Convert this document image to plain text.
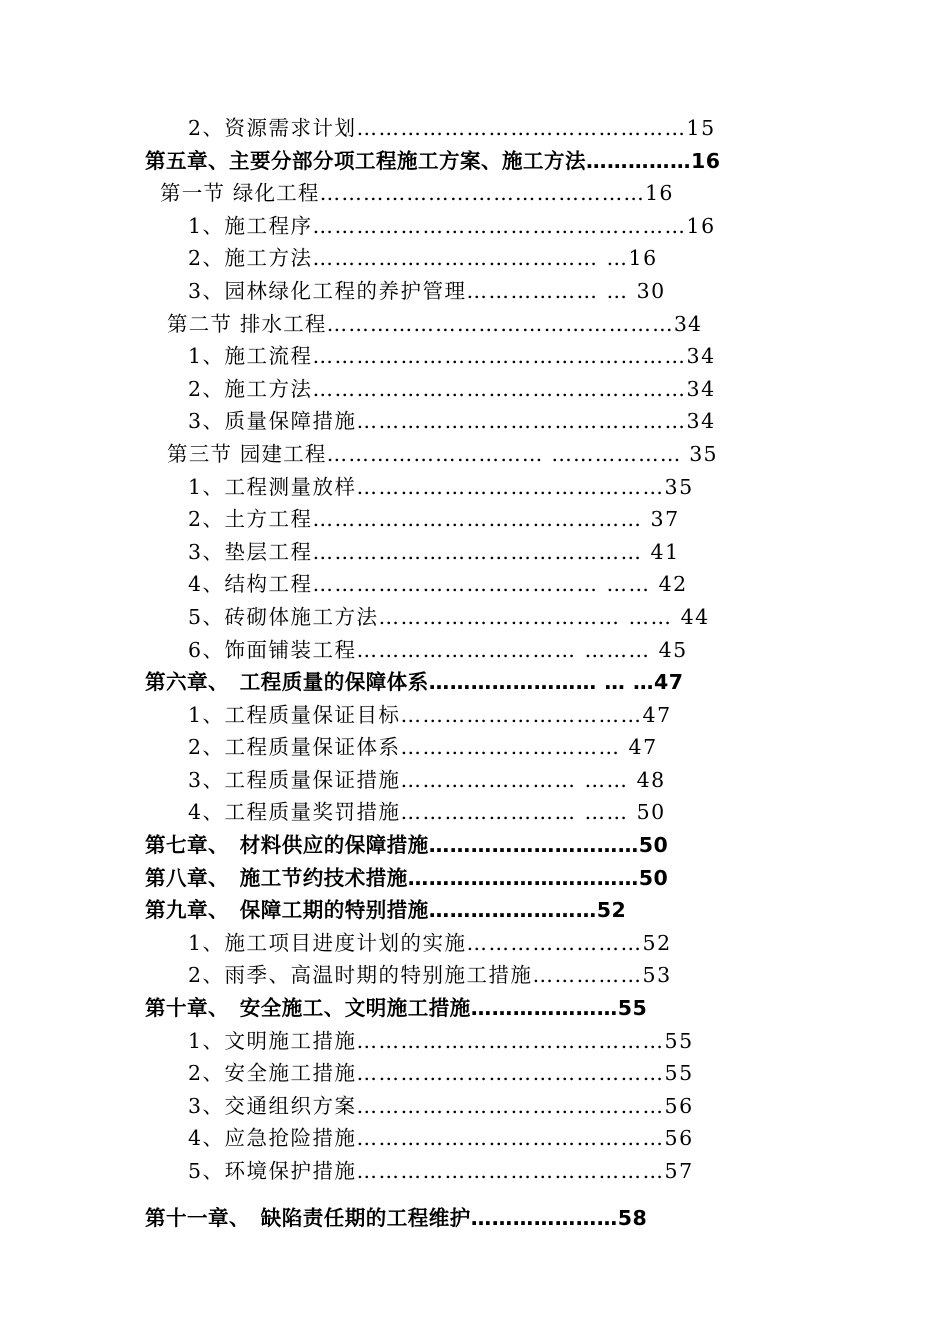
2、资源需求计划………………………………………15
第五章、主要分部分项工程施工方案、施工方法……………16
第一节 绿化工程………………………………………16
1、施工程序……………………………………………16
2、施工方法………………………………… …16
3、园林绿化工程的养护管理……………… … 30
第二节 排水工程…………………………………………34
1、施工流程……………………………………………34
2、施工方法……………………………………………34
3、质量保障措施………………………………………34
第三节 园建工程………………………… ……………… 35
1、工程测量放样……………………………………35
2、土方工程……………………………………… 37
3、垫层工程……………………………………… 41
4、结构工程………………………………… …… 42
5、砖砌体施工方法…………………………… …… 44
6、饰面铺装工程………………………… ……… 45
第六章、　工程质量的保障体系…………………… … …47
1、工程质量保证目标……………………………47
2、工程质量保证体系………………………… 47
3、工程质量保证措施…………………… …… 48
4、工程质量奖罚措施…………………… …… 50
第七章、　材料供应的保障措施…………………………50
第八章、　施工节约技术措施……………………………50
第九章、　保障工期的特别措施……………………52
1、施工项目进度计划的实施……………………52
2、雨季、高温时期的特别施工措施……………53
第十章、　安全施工、文明施工措施…………………55
1、文明施工措施……………………………………55
2、安全施工措施……………………………………55
3、交通组织方案……………………………………56
4、应急抢险措施……………………………………56
5、环境保护措施……………………………………57
第十一章、　缺陷责任期的工程维护…………………58
